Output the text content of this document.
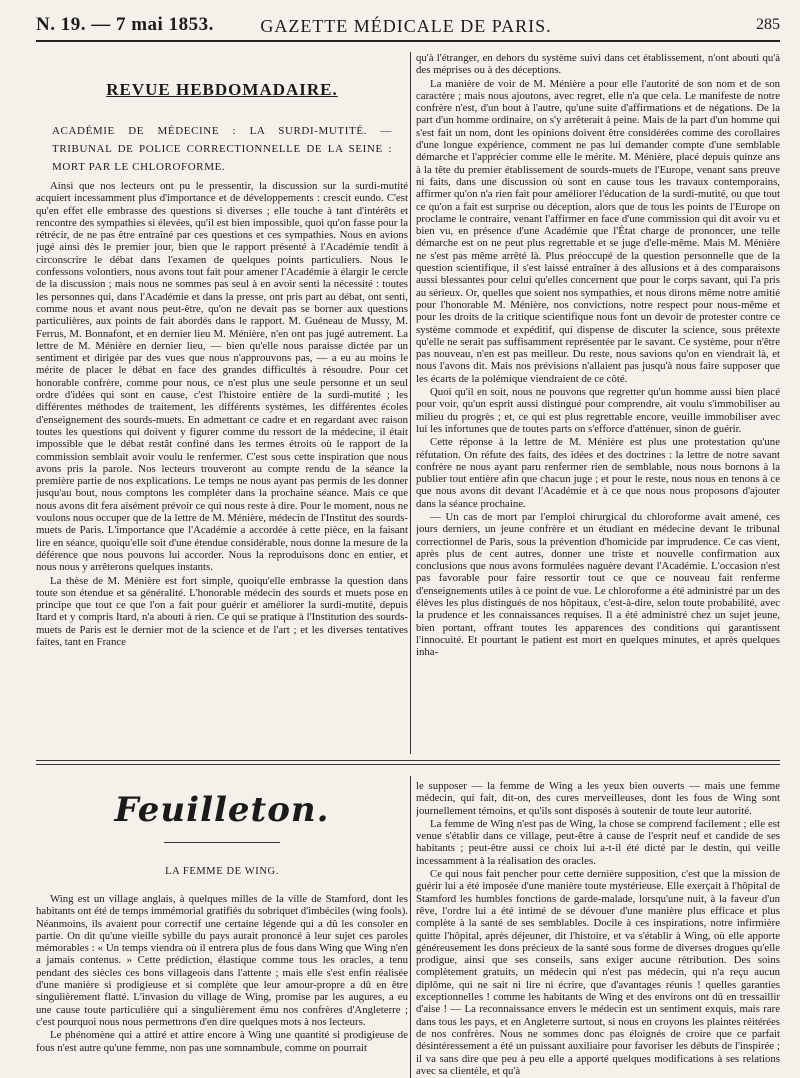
N. 19. — 7 mai 1853.	GAZETTE MÉDICALE DE PARIS.	285
REVUE HEBDOMADAIRE.
ACADÉMIE DE MÉDECINE : LA SURDI-MUTITÉ. — TRIBUNAL DE POLICE CORRECTIONNELLE DE LA SEINE : MORT PAR LE CHLOROFORME.

Ainsi que nos lecteurs ont pu le pressentir, la discussion sur la surdi-mutité acquiert incessamment plus d'importance et de développements : crescit eundo. C'est qu'en effet elle embrasse des questions si diverses ; elle touche à tant d'intérêts et rencontre des sympathies si élevées, qu'il est bien impossible, quoi qu'on fasse pour la rétrécir, de ne pas être entraîné par ces questions et ces sympathies. Nous en avions jugé ainsi dès le premier jour, bien que le rapport présenté à l'Académie tendît à circonscrire le débat dans l'examen de quelques points particuliers. Nous le confessons volontiers, nous avons tout fait pour amener l'Académie à élargir le cercle de la discussion ; mais nous ne sommes pas seul à en avoir senti la nécessité : toutes les personnes qui, dans l'Académie et dans la presse, ont pris part au débat, ont senti, comme nous et avant nous peut-être, qu'on ne devait pas se borner aux questions particulières, aux points de fait abordés dans le rapport. M. Guéneau de Mussy, M. Ferrus, M. Bonnafont, et en dernier lieu M. Ménière, n'en ont pas jugé autrement. La lettre de M. Ménière en dernier lieu, — bien qu'elle nous paraisse dictée par un sentiment et dirigée par des vues que nous n'approuvons pas, — a eu au moins le mérite de placer le débat en face des grandes difficultés à résoudre. Pour cet honorable confrère, comme pour nous, ce n'est plus une seule personne et un seul ordre d'idées qui sont en cause, c'est l'histoire entière de la surdi-mutité ; les différentes méthodes de traitement, les différents systèmes, les différentes écoles d'enseignement des sourds-muets. En admettant ce cadre et en regardant avec raison toutes les questions qui doivent y figurer comme du ressort de la médecine, il était impossible que le débat restât confiné dans les termes étroits où le rapport de la commission semblait avoir voulu le renfermer. C'est sous cette inspiration que nous avons pris la parole. Nos lecteurs trouveront au compte rendu de la séance la première partie de nos explications. Le temps ne nous ayant pas permis de les donner jusqu'au bout, nous comptons les compléter dans la prochaine séance. Mais ce que nous avons dit fera aisément prévoir ce qui nous reste à dire. Pour le moment, nous ne voulons nous occuper que de la lettre de M. Ménière, médecin de l'Institut des sourds-muets de Paris. L'importance que l'Académie a accordée à cette pièce, en la faisant lire en séance, quoiqu'elle soit d'une étendue considérable, nous donne la mesure de la déférence que nous pouvons lui accorder. Nous la reproduisons donc en entier, et nous nous y arrêterons quelques instants.

La thèse de M. Ménière est fort simple, quoiqu'elle embrasse la question dans toute son étendue et sa généralité. L'honorable médecin des sourds et muets pose en principe que tout ce que l'on a fait pour guérir et améliorer la surdi-mutité, depuis Itard et y compris Itard, n'a abouti à rien. Ce qui se pratique à l'Institution des sourds-muets de Paris est le dernier mot de la science et de l'art ; et les diverses tentatives faites, tant en France

qu'à l'étranger, en dehors du système suivi dans cet établissement, n'ont abouti qu'à des méprises ou à des déceptions.

La manière de voir de M. Ménière a pour elle l'autorité de son nom et de son caractère ; mais nous ajoutons, avec regret, elle n'a que cela. Le manifeste de notre confrère n'est, d'un bout à l'autre, qu'une suite d'affirmations et de négations. De la part d'un homme ordinaire, on s'y arrêterait à peine. Mais de la part d'un homme qui s'est fait un nom, dont les opinions doivent être considérées comme des corollaires d'une longue expérience, comment ne pas lui demander compte d'une semblable démarche et l'apprécier comme elle le mérite. M. Ménière, placé depuis quinze ans à la tête du premier établissement de sourds-muets de l'Europe, venant sans preuve ni faits, dans une discussion où sont en cause tous les travaux contemporains, affirmer qu'on n'a rien fait pour améliorer l'éducation de la surdi-mutité, ou que tout ce qu'on a fait est surprise ou déception, alors que de tous les points de l'Europe on proclame le contraire, venant l'affirmer en face d'une commission qui dit avoir vu et bien vu, en présence d'une Académie que l'État charge de prononcer, une telle démarche est on ne peut plus regrettable et se juge d'elle-même. Mais M. Ménière ne s'est pas même arrêté là. Plus préoccupé de la question personnelle que de la question scientifique, il s'est laissé entraîner à des allusions et à des comparaisons aussi blessantes pour celui qu'elles concernent que pour le corps savant, qui l'a pris au sérieux. Or, quelles que soient nos sympathies, et nous dirons même notre amitié pour l'honorable M. Ménière, nos convictions, notre respect pour nous-même et pour les droits de la critique scientifique nous font un devoir de protester contre ce système commode et expéditif, qui dispense de discuter la science, sous prétexte qu'elle ne serait pas suffisamment représentée par le savant. Ce système, pour n'être pas nouveau, n'en est pas meilleur. Du reste, nous savions qu'on en viendrait là, et nous l'avons dit. Mais nos prévisions n'allaient pas jusqu'à nous faire supposer que les écarts de la polémique viendraient de ce côté.

Quoi qu'il en soit, nous ne pouvons que regretter qu'un homme aussi bien placé pour voir, qu'un esprit aussi distingué pour comprendre, ait voulu s'immobiliser au milieu du progrès ; et, ce qui est plus regrettable encore, veuille immobiliser avec lui les infortunes que de toutes parts on s'efforce d'atténuer, sinon de guérir.

Cette réponse à la lettre de M. Ménière est plus une protestation qu'une réfutation. On réfute des faits, des idées et des doctrines : la lettre de notre savant confrère ne nous ayant paru renfermer rien de semblable, nous nous bornons à la publier tout entière afin que chacun juge ; et pour le reste, nous nous en tenons à ce que nous avons dit devant l'Académie et à ce que nous nous proposons d'ajouter dans la séance prochaine.

— Un cas de mort par l'emploi chirurgical du chloroforme avait amené, ces jours derniers, un jeune confrère et un étudiant en médecine devant le tribunal correctionnel de Paris, sous la prévention d'homicide par imprudence. Ce cas vient, après plus de cent autres, donner une triste et nouvelle confirmation aux conclusions que nous avons formulées naguère devant l'Académie. L'occasion n'est pas favorable pour faire ressortir tout ce que ce nouveau fait renferme d'enseignements utiles à ce point de vue. Le chloroforme a été administré par un des élèves les plus distingués de nos hôpitaux, c'est-à-dire, selon toute probabilité, avec la prudence et les connaissances requises. Il a été administré chez un sujet jeune, bien portant, offrant toutes les apparences des conditions qui garantissent l'innocuité. Et pourtant le patient est mort en quelques minutes, et après quelques inha-

Feuilleton.
LA FEMME DE WING.

Wing est un village anglais, à quelques milles de la ville de Stamford, dont les habitants ont été de temps immémorial gratifiés du sobriquet d'imbéciles (wing fools). Néanmoins, ils avaient pour correctif une certaine légende qui a dû les consoler en partie. On dit qu'une vieille sybille du pays aurait prononcé à leur sujet ces paroles mémorables : « Un temps viendra où il entrera plus de fous dans Wing que Wing n'en a jamais contenus. » Cette prédiction, élastique comme tous les oracles, a tenu pendant des siècles ces bons villageois dans l'attente ; mais elle s'est enfin réalisée d'une manière si prodigieuse et si complète que leur amour-propre a dû en être singulièrement flatté. L'invasion du village de Wing, promise par les augures, a eu une cause toute particulière qui a singulièrement ému nos confrères d'Angleterre ; c'est pourquoi nous nous permettrons d'en dire quelques mots à nos lecteurs.

Le phénomène qui a attiré et attire encore à Wing une quantité si prodigieuse de fous n'est autre qu'une femme, non pas une somnambule, comme on pourrait

le supposer — la femme de Wing a les yeux bien ouverts — mais une femme médecin, qui fait, dit-on, des cures merveilleuses, dont les fous de Wing sont journellement témoins, et qu'ils sont disposés à soutenir de toute leur autorité.

La femme de Wing n'est pas de Wing, la chose se comprend facilement ; elle est venue s'établir dans ce village, peut-être à cause de l'esprit neuf et candide de ses habitants ; peut-être aussi ce choix lui a-t-il été dicté par le destin, qui veille incessamment à la réalisation des oracles.

Ce qui nous fait pencher pour cette dernière supposition, c'est que la mission de guérir lui a été imposée d'une manière toute mystérieuse. Elle exerçait à l'hôpital de Stamford les humbles fonctions de garde-malade, lorsqu'une nuit, à la faveur d'un rêve, l'ordre lui a été intimé de se dévouer d'une manière plus efficace et plus complète à la santé de ses semblables. Docile à ces inspirations, notre infirmière quitte l'hôpital, après déjeuner, dit l'histoire, et va s'établir à Wing, où elle apporte généreusement les dons précieux de la santé sous forme de diverses drogues qu'elle prodigue, ainsi que ses conseils, sans exiger aucune rétribution. Des soins complètement gratuits, un médecin qui n'est pas médecin, qui n'a reçu aucun diplôme, qui ne sait ni lire ni écrire, que d'avantages réunis ! quelles garanties exceptionnelles ! comme les habitants de Wing et des environs ont dû en tressaillir d'aise ! — La reconnaissance envers le médecin est un sentiment exquis, mais rare dans tous les pays, et en Angleterre surtout, si nous en croyons les plaintes réitérées de nos confrères. Nous ne sommes donc pas éloignés de croire que ce parfait désintéressement a été un puissant auxiliaire pour favoriser les débuts de l'inspirée ; il va sans dire que peu à peu elle a apporté quelques modifications à ses relations avec sa clientèle, et qu'à
